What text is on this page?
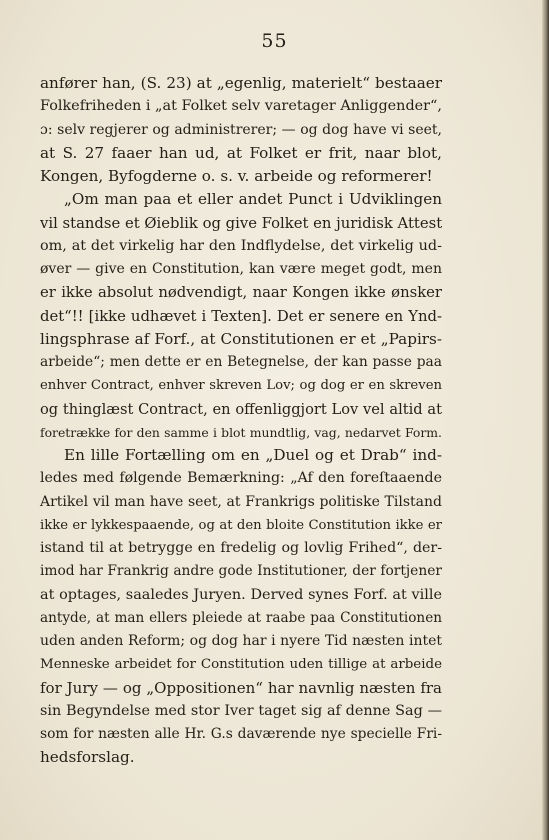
55
anfører han, (S. 23) at „egenlig, materielt“ bestaaer
Folkefriheden i „at Folket selv varetager Anliggender“,
ɔ: selv regjerer og administrerer; — og dog have vi seet,
at S. 27 faaer han ud, at Folket er frit, naar blot,
Kongen, Byfogderne o. s. v. arbeide og reformerer!
„Om man paa et eller andet Punct i Udviklingen
vil standse et Øieblik og give Folket en juridisk Attest
om, at det virkelig har den Indflydelse, det virkelig ud-
øver — give en Constitution, kan være meget godt, men
er ikke absolut nødvendigt, naar Kongen ikke ønsker
det“!! [ikke udhævet i Texten]. Det er senere en Ynd-
lingsphrase af Forf., at Constitutionen er et „Papirs-
arbeide“; men dette er en Betegnelse, der kan passe paa
enhver Contract, enhver skreven Lov; og dog er en skreven
og thinglæst Contract, en offenliggjort Lov vel altid at
foretrække for den samme i blot mundtlig, vag, nedarvet Form.
En lille Fortælling om en „Duel og et Drab“ ind-
ledes med følgende Bemærkning: „Af den foreſtaaende
Artikel vil man have seet, at Frankrigs politiske Tilstand
ikke er lykkespaaende, og at den bloite Constitution ikke er
istand til at betrygge en fredelig og lovlig Frihed“, der-
imod har Frankrig andre gode Institutioner, der fortjener
at optages, saaledes Juryen. Derved synes Forf. at ville
antyde, at man ellers pleiede at raabe paa Constitutionen
uden anden Reform; og dog har i nyere Tid næsten intet
Menneske arbeidet for Constitution uden tillige at arbeide
for Jury — og „Oppositionen“ har navnlig næsten fra
sin Begyndelse med stor Iver taget sig af denne Sag —
som for næsten alle Hr. G.s daværende nye specielle Fri-
hedsforslag.
